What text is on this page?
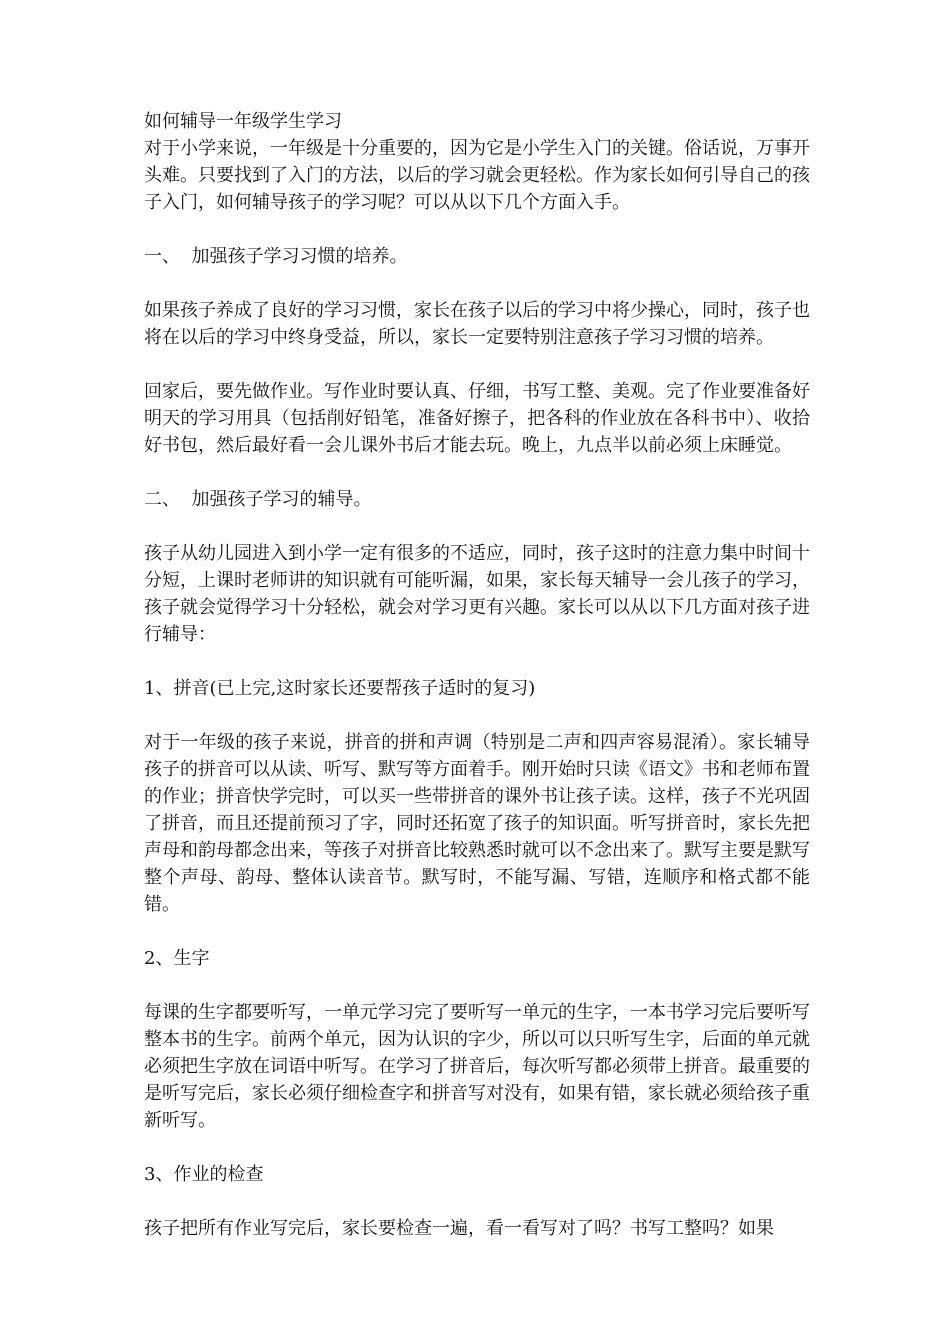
如何辅导一年级学生学习

对于小学来说，一年级是十分重要的，因为它是小学生入门的关键。俗话说，万事开头难。只要找到了入门的方法，以后的学习就会更轻松。作为家长如何引导自己的孩子入门，如何辅导孩子的学习呢？可以从以下几个方面入手。

一、  加强孩子学习习惯的培养。

如果孩子养成了良好的学习习惯，家长在孩子以后的学习中将少操心，同时，孩子也将在以后的学习中终身受益，所以，家长一定要特别注意孩子学习习惯的培养。

回家后，要先做作业。写作业时要认真、仔细，书写工整、美观。完了作业要准备好明天的学习用具（包括削好铅笔，准备好擦子，把各科的作业放在各科书中）、收拾好书包，然后最好看一会儿课外书后才能去玩。晚上，九点半以前必须上床睡觉。

二、  加强孩子学习的辅导。

孩子从幼儿园进入到小学一定有很多的不适应，同时，孩子这时的注意力集中时间十分短，上课时老师讲的知识就有可能听漏，如果，家长每天辅导一会儿孩子的学习，孩子就会觉得学习十分轻松，就会对学习更有兴趣。家长可以从以下几方面对孩子进行辅导：

1、拼音(已上完,这时家长还要帮孩子适时的复习)

对于一年级的孩子来说，拼音的拼和声调（特别是二声和四声容易混淆）。家长辅导孩子的拼音可以从读、听写、默写等方面着手。刚开始时只读《语文》书和老师布置的作业；拼音快学完时，可以买一些带拼音的课外书让孩子读。这样，孩子不光巩固了拼音，而且还提前预习了字，同时还拓宽了孩子的知识面。听写拼音时，家长先把声母和韵母都念出来，等孩子对拼音比较熟悉时就可以不念出来了。默写主要是默写整个声母、韵母、整体认读音节。默写时，不能写漏、写错，连顺序和格式都不能错。

2、生字

每课的生字都要听写，一单元学习完了要听写一单元的生字，一本书学习完后要听写整本书的生字。前两个单元，因为认识的字少，所以可以只听写生字，后面的单元就必须把生字放在词语中听写。在学习了拼音后，每次听写都必须带上拼音。最重要的是听写完后，家长必须仔细检查字和拼音写对没有，如果有错，家长就必须给孩子重新听写。

3、作业的检查

孩子把所有作业写完后，家长要检查一遍，看一看写对了吗？书写工整吗？如果
